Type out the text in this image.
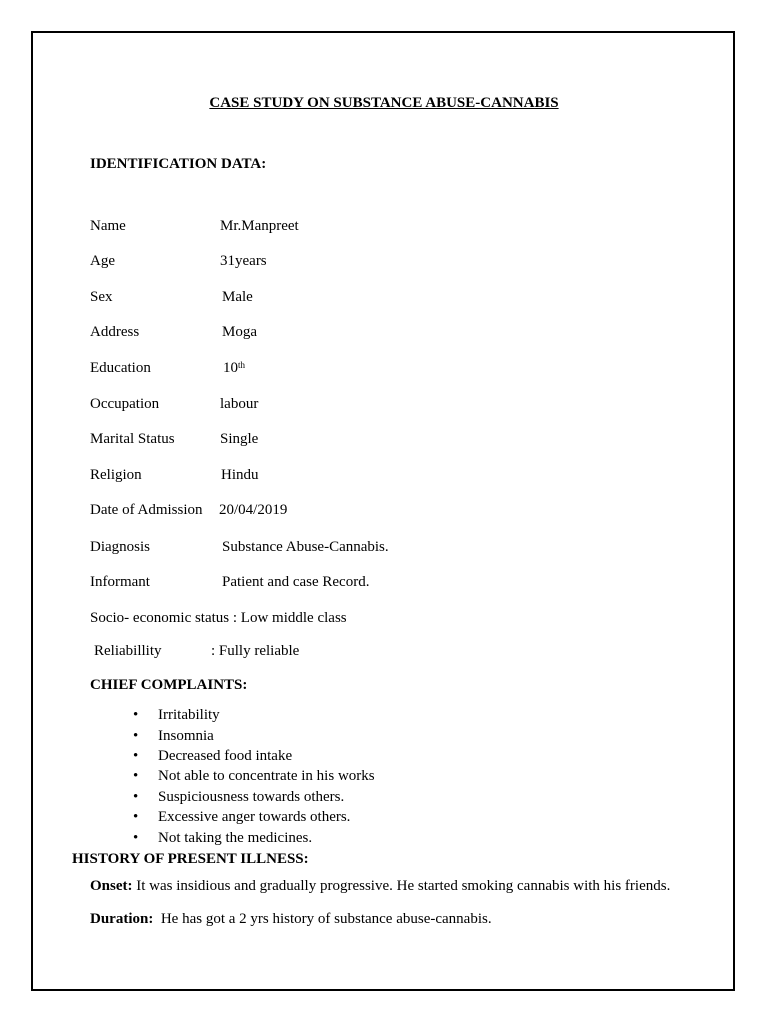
CASE STUDY ON SUBSTANCE ABUSE-CANNABIS
IDENTIFICATION DATA:
Name	Mr.Manpreet
Age	31years
Sex	Male
Address	Moga
Education	10th
Occupation	labour
Marital Status	Single
Religion	Hindu
Date of Admission 20/04/2019
Diagnosis	Substance Abuse-Cannabis.
Informant	Patient and case Record.
Socio- economic status : Low middle class
Reliabillity	: Fully reliable
CHIEF COMPLAINTS:
• Irritability
• Insomnia
• Decreased food intake
• Not able to concentrate in his works
• Suspiciousness towards others.
• Excessive anger towards others.
• Not taking the medicines.
HISTORY OF PRESENT ILLNESS:
Onset: It was insidious and gradually progressive. He started smoking cannabis with his friends.
Duration:  He has got a 2 yrs history of substance abuse-cannabis.
